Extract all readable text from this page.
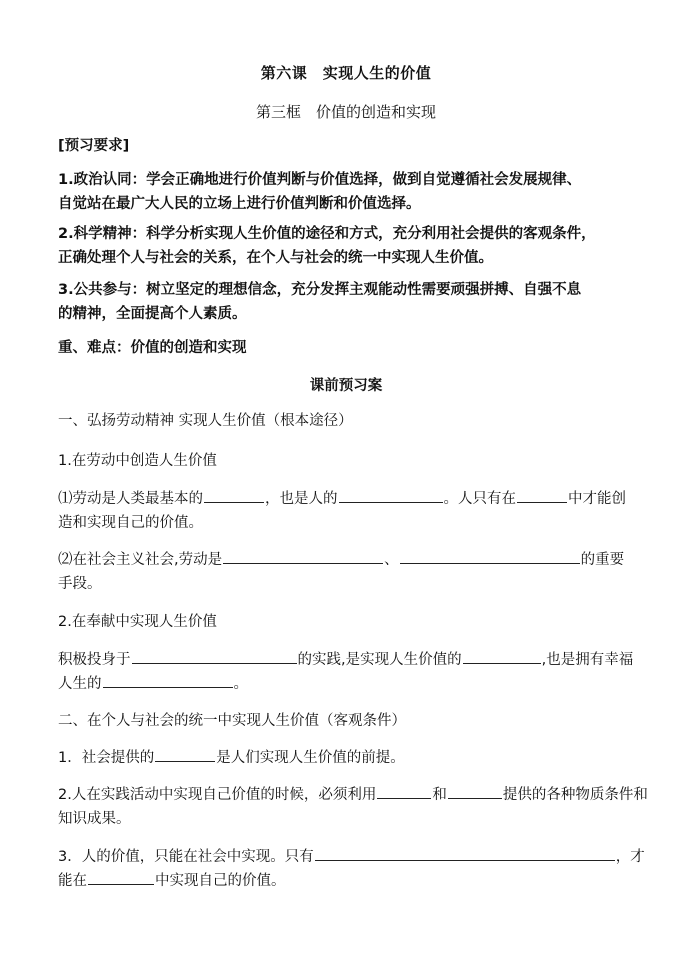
第六课　实现人生的价值
第三框　价值的创造和实现
[预习要求]
1.政治认同：学会正确地进行价值判断与价值选择，做到自觉遵循社会发展规律、
自觉站在最广大人民的立场上进行价值判断和价值选择。
2.科学精神：科学分析实现人生价值的途径和方式，充分利用社会提供的客观条件，
正确处理个人与社会的关系，在个人与社会的统一中实现人生价值。
3.公共参与：树立坚定的理想信念，充分发挥主观能动性需要顽强拼搏、自强不息
的精神，全面提高个人素质。
重、难点：价值的创造和实现
课前预习案
一、弘扬劳动精神 实现人生价值（根本途径）
1.在劳动中创造人生价值
⑴劳动是人类最基本的	，也是人的	。人只有在	中才能创
造和实现自己的价值。
⑵在社会主义社会,劳动是	、	的重要
手段。
2.在奉献中实现人生价值
积极投身于	的实践,是实现人生价值的	,也是拥有幸福
人生的	。
二、在个人与社会的统一中实现人生价值（客观条件）
1．社会提供的	是人们实现人生价值的前提。
2.人在实践活动中实现自己价值的时候，必须利用	和	提供的各种物质条件和
知识成果。
3．人的价值，只能在社会中实现。只有	，才
能在	中实现自己的价值。
